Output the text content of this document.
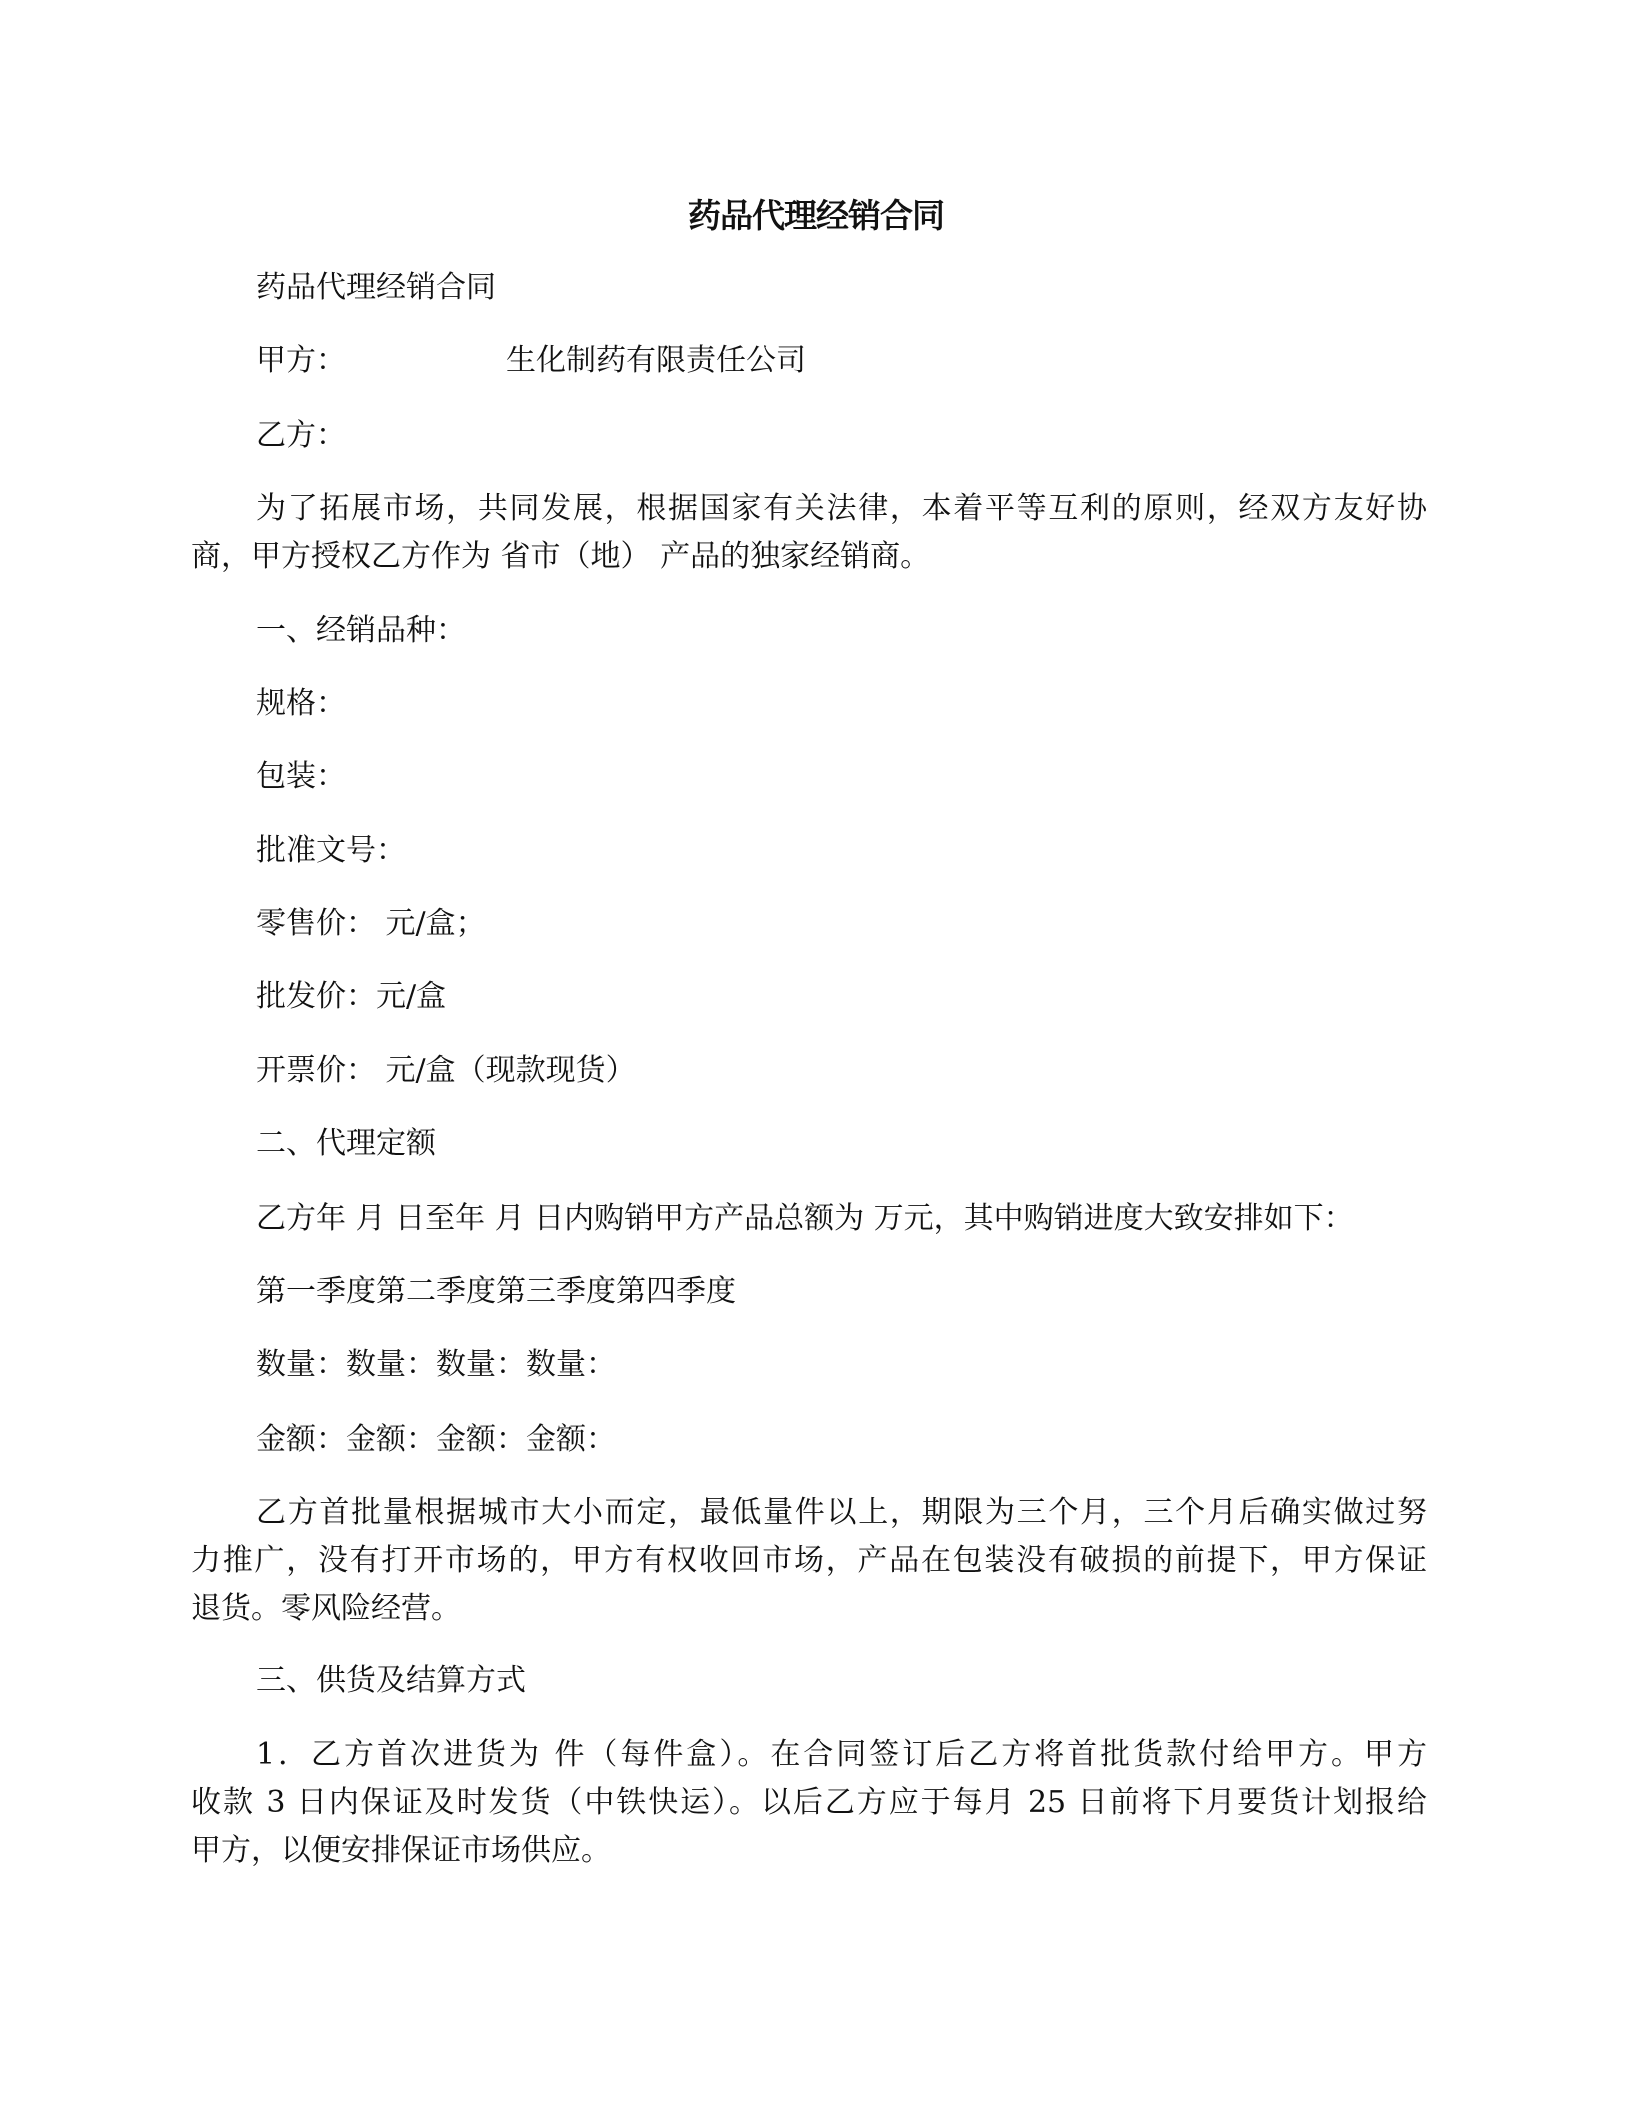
药品代理经销合同
药品代理经销合同
甲方：	生化制药有限责任公司
乙方：
为了拓展市场，共同发展，根据国家有关法律，本着平等互利的原则，经双方友好协
商，甲方授权乙方作为 省市（地） 产品的独家经销商。
一、经销品种：
规格：
包装：
批准文号：
零售价： 元/盒；
批发价：元/盒
开票价： 元/盒（现款现货）
二、代理定额
乙方年 月 日至年 月 日内购销甲方产品总额为 万元，其中购销进度大致安排如下：
第一季度第二季度第三季度第四季度
数量：数量：数量：数量：
金额：金额：金额：金额：
乙方首批量根据城市大小而定，最低量件以上，期限为三个月，三个月后确实做过努
力推广，没有打开市场的，甲方有权收回市场，产品在包装没有破损的前提下，甲方保证
退货。零风险经营。
三、供货及结算方式
1．乙方首次进货为 件（每件盒）。在合同签订后乙方将首批货款付给甲方。甲方
收款 3 日内保证及时发货（中铁快运）。以后乙方应于每月 25 日前将下月要货计划报给
甲方，以便安排保证市场供应。
